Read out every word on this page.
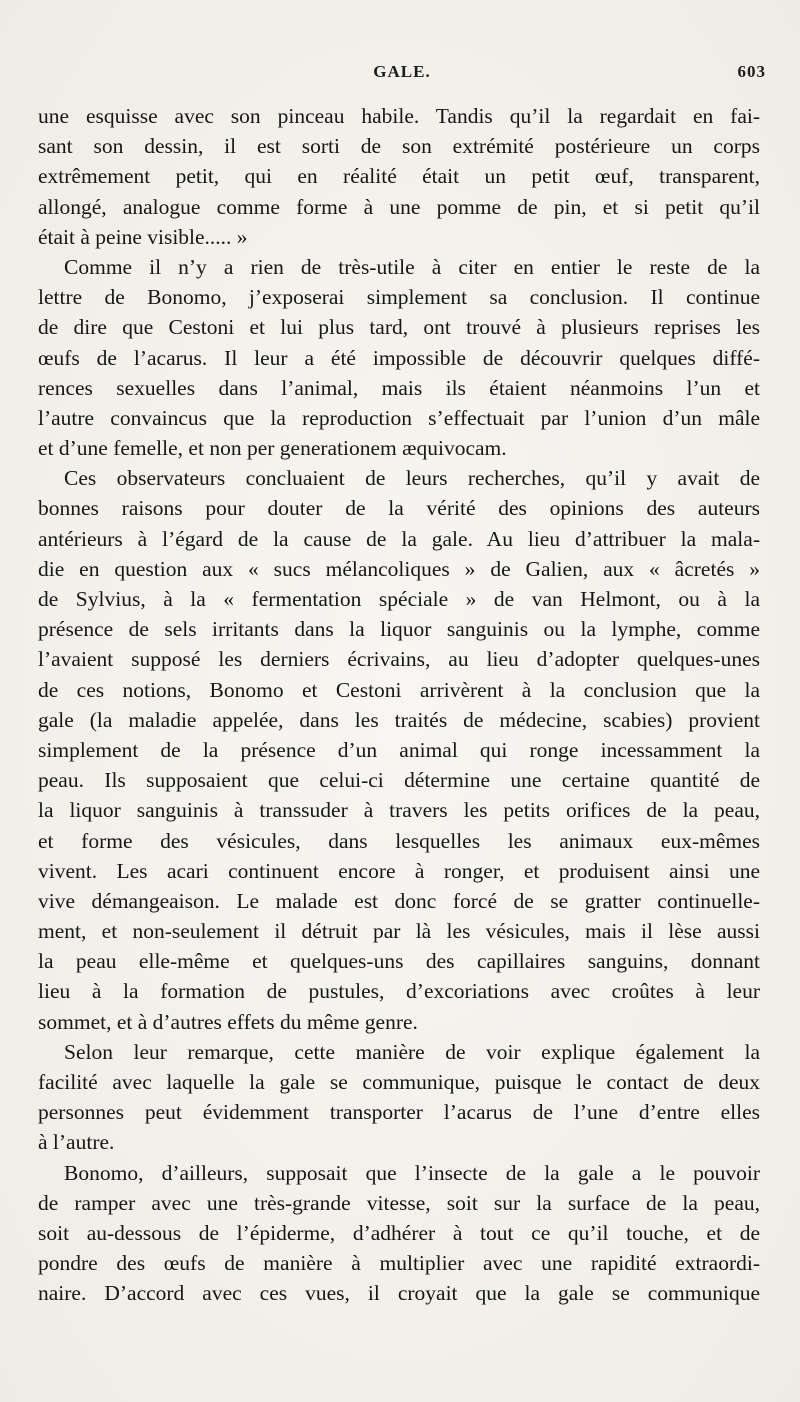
GALE.	603
une esquisse avec son pinceau habile. Tandis qu’il la regardait en fai-
sant son dessin, il est sorti de son extrémité postérieure un corps
extrêmement petit, qui en réalité était un petit œuf, transparent,
allongé, analogue comme forme à une pomme de pin, et si petit qu’il
était à peine visible..... »
Comme il n’y a rien de très-utile à citer en entier le reste de la
lettre de Bonomo, j’exposerai simplement sa conclusion. Il continue
de dire que Cestoni et lui plus tard, ont trouvé à plusieurs reprises les
œufs de l’acarus. Il leur a été impossible de découvrir quelques diffé-
rences sexuelles dans l’animal, mais ils étaient néanmoins l’un et
l’autre convaincus que la reproduction s’effectuait par l’union d’un mâle
et d’une femelle, et non per generationem æquivocam.
Ces observateurs concluaient de leurs recherches, qu’il y avait de
bonnes raisons pour douter de la vérité des opinions des auteurs
antérieurs à l’égard de la cause de la gale. Au lieu d’attribuer la mala-
die en question aux « sucs mélancoliques » de Galien, aux « âcretés »
de Sylvius, à la « fermentation spéciale » de van Helmont, ou à la
présence de sels irritants dans la liquor sanguinis ou la lymphe, comme
l’avaient supposé les derniers écrivains, au lieu d’adopter quelques-unes
de ces notions, Bonomo et Cestoni arrivèrent à la conclusion que la
gale (la maladie appelée, dans les traités de médecine, scabies) provient
simplement de la présence d’un animal qui ronge incessamment la
peau. Ils supposaient que celui-ci détermine une certaine quantité de
la liquor sanguinis à transsuder à travers les petits orifices de la peau,
et forme des vésicules, dans lesquelles les animaux eux-mêmes
vivent. Les acari continuent encore à ronger, et produisent ainsi une
vive démangeaison. Le malade est donc forcé de se gratter continuelle-
ment, et non-seulement il détruit par là les vésicules, mais il lèse aussi
la peau elle-même et quelques-uns des capillaires sanguins, donnant
lieu à la formation de pustules, d’excoriations avec croûtes à leur
sommet, et à d’autres effets du même genre.
Selon leur remarque, cette manière de voir explique également la
facilité avec laquelle la gale se communique, puisque le contact de deux
personnes peut évidemment transporter l’acarus de l’une d’entre elles
à l’autre.
Bonomo, d’ailleurs, supposait que l’insecte de la gale a le pouvoir
de ramper avec une très-grande vitesse, soit sur la surface de la peau,
soit au-dessous de l’épiderme, d’adhérer à tout ce qu’il touche, et de
pondre des œufs de manière à multiplier avec une rapidité extraordi-
naire. D’accord avec ces vues, il croyait que la gale se communique
